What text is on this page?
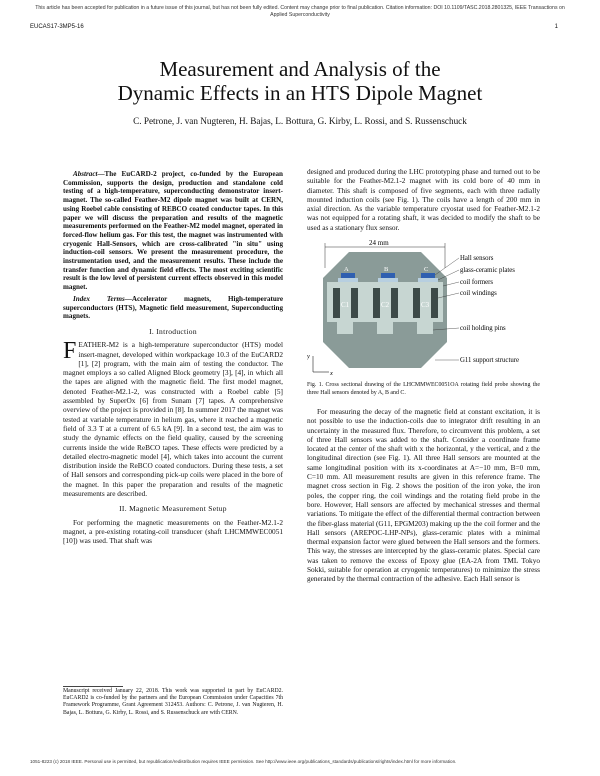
This article has been accepted for publication in a future issue of this journal, but has not been fully edited. Content may change prior to final publication. Citation information: DOI 10.1109/TASC.2018.2801325, IEEE Transactions on Applied Superconductivity
EUCAS17-3MP5-16	1
Measurement and Analysis of the
Dynamic Effects in an HTS Dipole Magnet
C. Petrone, J. van Nugteren, H. Bajas, L. Bottura, G. Kirby, L. Rossi, and S. Russenschuck

Abstract—The EuCARD-2 project, co-funded by the European Commission, supports the design, production and standalone cold testing of a high-temperature, superconducting demonstrator insert-magnet. The so-called Feather-M2 dipole magnet was built at CERN, using Roebel cable consisting of REBCO coated conductor tapes. In this paper we will discuss the preparation and results of the magnetic measurements performed on the Feather-M2 model magnet, operated in forced-flow helium gas. For this test, the magnet was instrumented with cryogenic Hall-Sensors, which are cross-calibrated "in situ" using induction-coil sensors. We present the measurement procedure, the instrumentation used, and the measurement results. These include the transfer function and dynamic field effects. The most exciting scientific result is the low level of persistent current effects observed in this model magnet.

Index Terms—Accelerator magnets, High-temperature superconductors (HTS), Magnetic field measurement, Superconducting magnets.

I. Introduction

FEATHER-M2 is a high-temperature superconductor (HTS) model insert-magnet, developed within workpackage 10.3 of the EuCARD2 [1], [2] program, with the main aim of testing the conductor. The magnet employs a so called Aligned Block geometry [3], [4], in which all the tapes are aligned with the magnetic field. The first model magnet, denoted Feather-M2.1-2, was constructed with a Roebel cable [5] assembled by SuperOx [6] from Sunam [7] tapes. A comprehensive overview of the project is provided in [8]. In summer 2017 the magnet was tested at variable temperature in helium gas, where it reached a magnetic field of 3.3 T at a current of 6.5 kA [9]. In a second test, the aim was to study the dynamic effects on the field quality, caused by the screening currents inside the wide ReBCO tapes. These effects were predicted by a detailed electro-magnetic model [4], which takes into account the current distribution inside the ReBCO coated conductors. During these tests, a set of Hall sensors and corresponding pick-up coils were placed in the bore of the magnet. In this paper the preparation and results of the magnetic measurements are described.

II. Magnetic Measurement Setup

For performing the magnetic measurements on the Feather-M2.1-2 magnet, a pre-existing rotating-coil transducer (shaft LHCMMWEC0051 [10]) was used. That shaft was

Manuscript received January 22, 2018. This work was supported in part by EuCARD2. EuCARD2 is co-funded by the partners and the European Commission under Capacities 7th Framework Programme, Grant Agreement 312453. Authors: C. Petrone, J. van Nugteren, H. Bajas, L. Bottura, G. Kirby, L. Rossi, and S. Russenschuck are with CERN.

designed and produced during the LHC prototyping phase and turned out to be suitable for the Feather-M2.1-2 magnet with its cold bore of 40 mm in diameter. This shaft is composed of five segments, each with three radially mounted induction coils (see Fig. 1). The coils have a length of 200 mm in axial direction. As the variable temperature cryostat used for Feather-M2.1-2 was not equipped for a rotating shaft, it was decided to modify the shaft to be used as a stationary flux sensor.

24 mm
A	B	C
C1	C2	C3
y
x
Hall sensors
glass-ceramic plates
coil formers
coil windings
coil holding pins
G11 support structure

Fig. 1. Cross sectional drawing of the LHCMMWEC0051OA rotating field probe showing the three Hall sensors denoted by A, B and C.

For measuring the decay of the magnetic field at constant excitation, it is not possible to use the induction-coils due to integrator drift resulting in an uncertainty in the measured flux. Therefore, to circumvent this problem, a set of three Hall sensors was added to the shaft. Consider a coordinate frame located at the center of the shaft with x the horizontal, y the vertical, and z the longitudinal direction (see Fig. 1). All three Hall sensors are mounted at the same longitudinal position with its x-coordinates at A=−10 mm, B=0 mm, C=10 mm. All measurement results are given in this reference frame. The magnet cross section in Fig. 2 shows the position of the iron yoke, the iron poles, the copper ring, the coil windings and the rotating field probe in the bore. However, Hall sensors are affected by mechanical stresses and thermal variations. To mitigate the effect of the differential thermal contraction between the fiber-glass material (G11, EPGM203) making up the the coil former and the Hall sensors (AREPOC-LHP-NPs), glass-ceramic plates with a minimal thermal expansion factor were glued between the Hall sensors and the formers. This way, the stresses are intercepted by the glass-ceramic plates. Special care was taken to remove the excess of Epoxy glue (EA-2A from TML Tokyo Sokki, suitable for operation at cryogenic temperatures) to minimize the stress generated by the thermal contraction of the adhesive. Each Hall sensor is

1051-8223 (c) 2018 IEEE. Personal use is permitted, but republication/redistribution requires IEEE permission. See http://www.ieee.org/publications_standards/publications/rights/index.html for more information.
